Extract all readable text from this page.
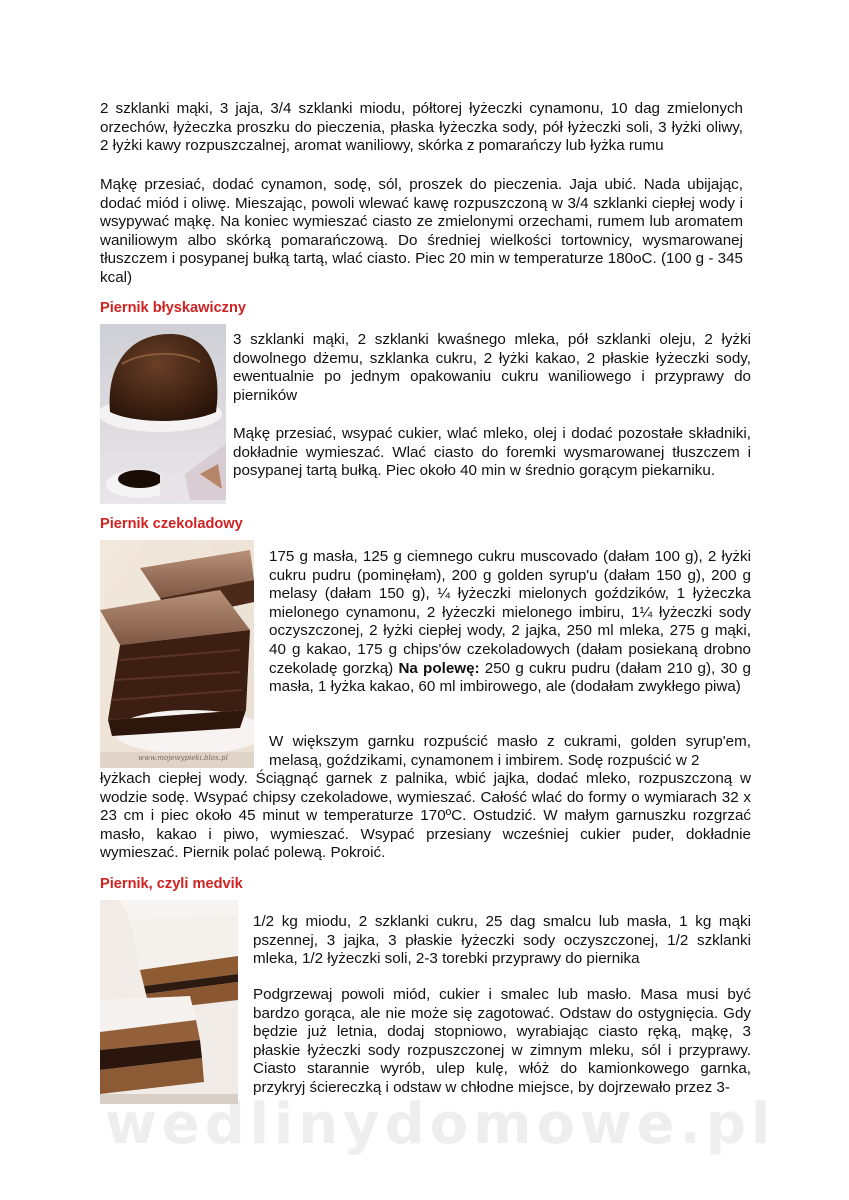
2 szklanki mąki, 3 jaja, 3/4 szklanki miodu, półtorej łyżeczki cynamonu, 10 dag zmielonych orzechów, łyżeczka proszku do pieczenia, płaska łyżeczka sody, pół łyżeczki soli, 3 łyżki oliwy, 2 łyżki kawy rozpuszczalnej, aromat waniliowy, skórka z pomarańczy lub łyżka rumu

Mąkę przesiać, dodać cynamon, sodę, sól, proszek do pieczenia. Jaja ubić. Nada ubijając, dodać miód i oliwę. Mieszając, powoli wlewać kawę rozpuszczoną w 3/4 szklanki ciepłej wody i wsypywać mąkę. Na koniec wymieszać ciasto ze zmielonymi orzechami, rumem lub aromatem waniliowym albo skórką pomarańczową. Do średniej wielkości tortownicy, wysmarowanej tłuszczem i posypanej bułką tartą, wlać ciasto. Piec 20 min w temperaturze 180oC. (100 g - 345 kcal)

Piernik błyskawiczny

3 szklanki mąki, 2 szklanki kwaśnego mleka, pół szklanki oleju, 2 łyżki dowolnego dżemu, szklanka cukru, 2 łyżki kakao, 2 płaskie łyżeczki sody, ewentualnie po jednym opakowaniu cukru waniliowego i przyprawy do pierników

Mąkę przesiać, wsypać cukier, wlać mleko, olej i dodać pozostałe składniki, dokładnie wymieszać. Wlać ciasto do foremki wysmarowanej tłuszczem i posypanej tartą bułką. Piec około 40 min w średnio gorącym piekarniku.

Piernik czekoladowy
www.mojewypieki.blox.pl

175 g masła, 125 g ciemnego cukru muscovado (dałam 100 g), 2 łyżki cukru pudru (pominęłam), 200 g golden syrup'u (dałam 150 g), 200 g melasy (dałam 150 g), ¼ łyżeczki mielonych goździków, 1 łyżeczka mielonego cynamonu, 2 łyżeczki mielonego imbiru, 1¼ łyżeczki sody oczyszczonej, 2 łyżki ciepłej wody, 2 jajka, 250 ml mleka, 275 g mąki, 40 g kakao, 175 g chips'ów czekoladowych (dałam posiekaną drobno czekoladę gorzką) Na polewę: 250 g cukru pudru (dałam 210 g), 30 g masła, 1 łyżka kakao, 60 ml imbirowego, ale (dodałam zwykłego piwa)

W większym garnku rozpuścić masło z cukrami, golden syrup'em, melasą, goździkami, cynamonem i imbirem. Sodę rozpuścić w 2

łyżkach ciepłej wody. Ściągnąć garnek z palnika, wbić jajka, dodać mleko, rozpuszczoną w wodzie sodę. Wsypać chipsy czekoladowe, wymieszać. Całość wlać do formy o wymiarach 32 x 23 cm i piec około 45 minut w temperaturze 170ºC. Ostudzić. W małym garnuszku rozgrzać masło, kakao i piwo, wymieszać. Wsypać przesiany wcześniej cukier puder, dokładnie wymieszać. Piernik polać polewą. Pokroić.

Piernik, czyli medvik

1/2 kg miodu, 2 szklanki cukru, 25 dag smalcu lub masła, 1 kg mąki pszennej, 3 jajka, 3 płaskie łyżeczki sody oczyszczonej, 1/2 szklanki mleka, 1/2 łyżeczki soli, 2-3 torebki przyprawy do piernika

Podgrzewaj powoli miód, cukier i smalec lub masło. Masa musi być bardzo gorąca, ale nie może się zagotować. Odstaw do ostygnięcia. Gdy będzie już letnia, dodaj stopniowo, wyrabiając ciasto ręką, mąkę, 3 płaskie łyżeczki sody rozpuszczonej w zimnym mleku, sól i przyprawy. Ciasto starannie wyrób, ulep kulę, włóż do kamionkowego garnka, przykryj ściereczką i odstaw w chłodne miejsce, by dojrzewało przez 3-

wedlinydomowe.pl
